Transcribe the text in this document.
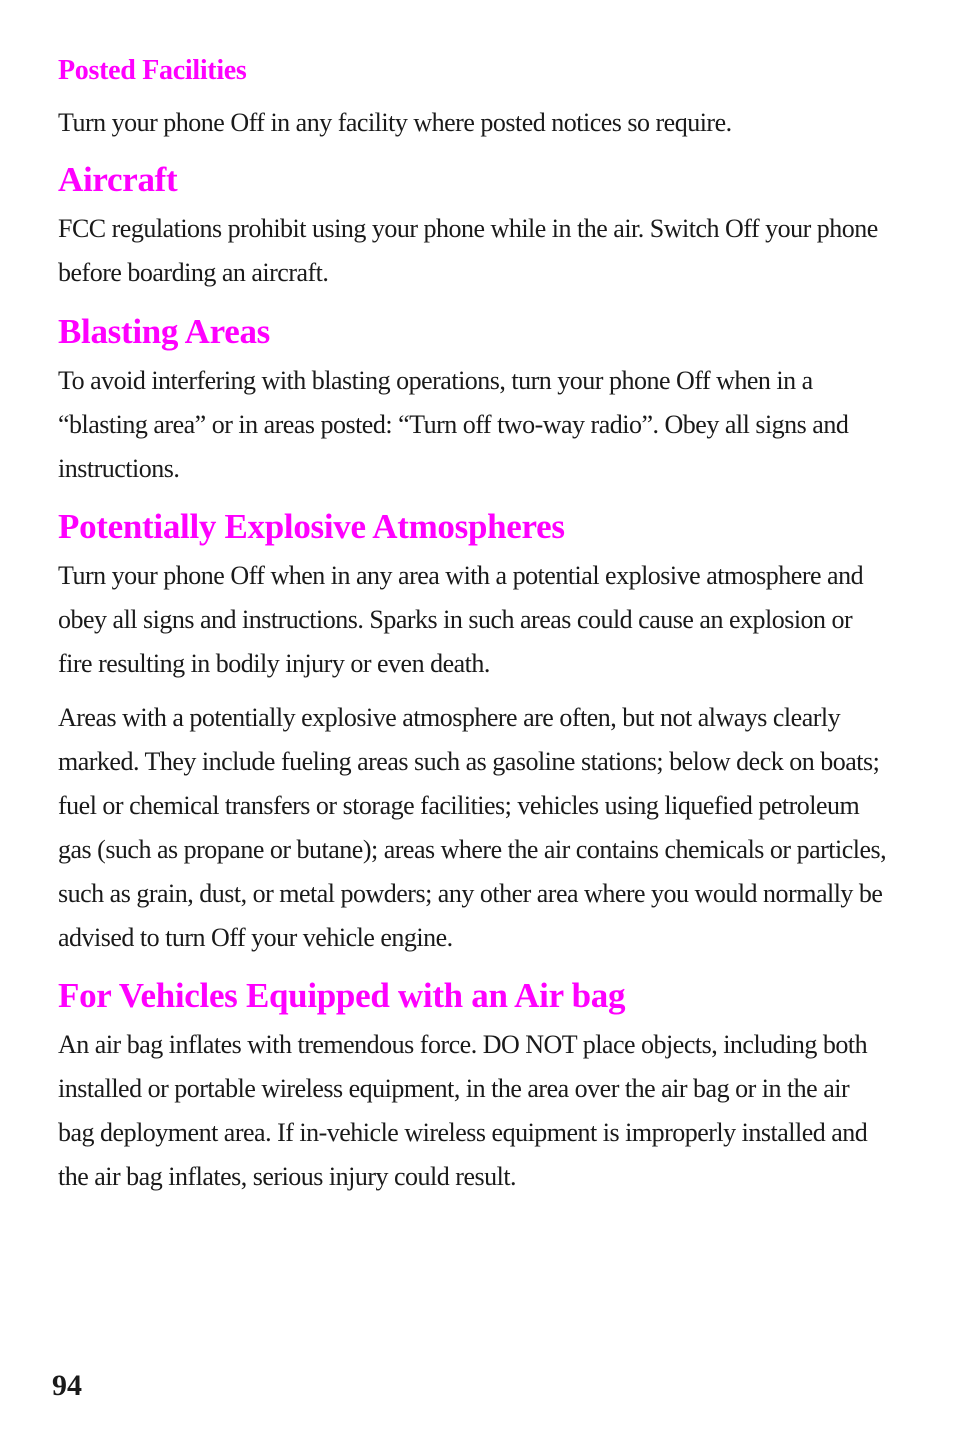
Posted Facilities

Turn your phone Off in any facility where posted notices so require.

Aircraft

FCC regulations prohibit using your phone while in the air. Switch Off your phone before boarding an aircraft.

Blasting Areas

To avoid interfering with blasting operations, turn your phone Off when in a “blasting area” or in areas posted: “Turn off two-way radio”. Obey all signs and instructions.

Potentially Explosive Atmospheres

Turn your phone Off when in any area with a potential explosive atmosphere and obey all signs and instructions. Sparks in such areas could cause an explosion or fire resulting in bodily injury or even death.

Areas with a potentially explosive atmosphere are often, but not always clearly marked. They include fueling areas such as gasoline stations; below deck on boats; fuel or chemical transfers or storage facilities; vehicles using liquefied petroleum gas (such as propane or butane); areas where the air contains chemicals or particles, such as grain, dust, or metal powders; any other area where you would normally be advised to turn Off your vehicle engine.

For Vehicles Equipped with an Air bag

An air bag inflates with tremendous force. DO NOT place objects, including both installed or portable wireless equipment, in the area over the air bag or in the air bag deployment area. If in-vehicle wireless equipment is improperly installed and the air bag inflates, serious injury could result.

94
